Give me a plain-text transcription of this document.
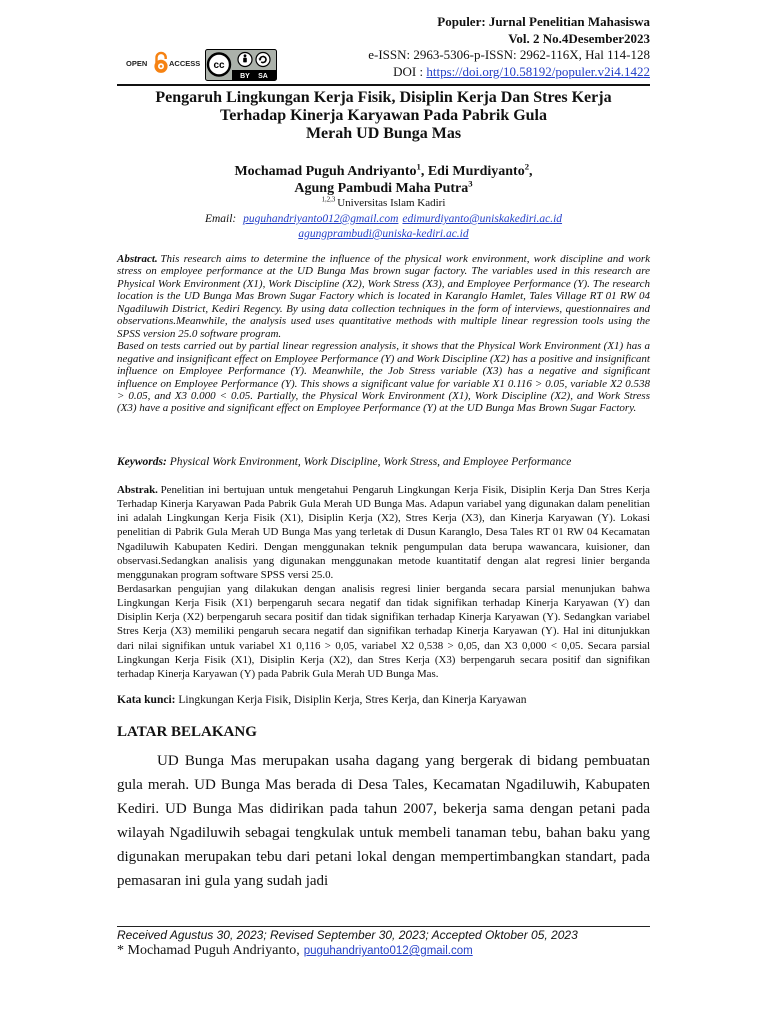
Populer: Jurnal Penelitian Mahasiswa
Vol. 2 No.4Desember2023
e-ISSN: 2963-5306-p-ISSN: 2962-116X, Hal 114-128
DOI : https://doi.org/10.58192/populer.v2i4.1422
OPEN	ACCESS cc
BY SA
Pengaruh Lingkungan Kerja Fisik, Disiplin Kerja Dan Stres Kerja
Terhadap Kinerja Karyawan Pada Pabrik Gula
Merah UD Bunga Mas
Mochamad Puguh Andriyanto$^1$, Edi Murdiyanto$^2$,
Agung Pambudi Maha Putra$^3$
$^{1,2,3}$ Universitas Islam Kadiri
Email: puguhandriyanto012@gmail.com edimurdiyanto@uniskakediri.ac.id
agungprambudi@uniska-kediri.ac.id

Abstract. This research aims to determine the influence of the physical work environment, work discipline and work stress on employee performance at the UD Bunga Mas brown sugar factory. The variables used in this research are Physical Work Environment (X1), Work Discipline (X2), Work Stress (X3), and Employee Performance (Y). The research location is the UD Bunga Mas Brown Sugar Factory which is located in Karanglo Hamlet, Tales Village RT 01 RW 04 Ngadiluwih District, Kediri Regency. By using data collection techniques in the form of interviews, questionnaires and observations.Meanwhile, the analysis used uses quantitative methods with multiple linear regression tools using the SPSS version 25.0 software program.

Based on tests carried out by partial linear regression analysis, it shows that the Physical Work Environment (X1) has a negative and insignificant effect on Employee Performance (Y) and Work Discipline (X2) has a positive and insignificant influence on Employee Performance (Y). Meanwhile, the Job Stress variable (X3) has a negative and significant influence on Employee Performance (Y). This shows a significant value for variable X1 0.116 > 0.05, variable X2 0.538 > 0.05, and X3 0.000 < 0.05. Partially, the Physical Work Environment (X1), Work Discipline (X2), and Work Stress (X3) have a positive and significant effect on Employee Performance (Y) at the UD Bunga Mas Brown Sugar Factory.

Keywords: Physical Work Environment, Work Discipline, Work Stress, and Employee Performance

Abstrak. Penelitian ini bertujuan untuk mengetahui Pengaruh Lingkungan Kerja Fisik, Disiplin Kerja Dan Stres Kerja Terhadap Kinerja Karyawan Pada Pabrik Gula Merah UD Bunga Mas. Adapun variabel yang digunakan dalam penelitian ini adalah Lingkungan Kerja Fisik (X1), Disiplin Kerja (X2), Stres Kerja (X3), dan Kinerja Karyawan (Y). Lokasi penelitian di Pabrik Gula Merah UD Bunga Mas yang terletak di Dusun Karanglo, Desa Tales RT 01 RW 04 Kecamatan Ngadiluwih Kabupaten Kediri. Dengan menggunakan teknik pengumpulan data berupa wawancara, kuisioner, dan observasi.Sedangkan analisis yang digunakan menggunakan metode kuantitatif dengan alat regresi linier berganda menggunakan program software SPSS versi 25.0.

Berdasarkan pengujian yang dilakukan dengan analisis regresi linier berganda secara parsial menunjukan bahwa Lingkungan Kerja Fisik (X1) berpengaruh secara negatif dan tidak signifikan terhadap Kinerja Karyawan (Y) dan Disiplin Kerja (X2) berpengaruh secara positif dan tidak signifikan terhadap Kinerja Karyawan (Y). Sedangkan variabel Stres Kerja (X3) memiliki pengaruh secara negatif dan signifikan terhadap Kinerja Karyawan (Y). Hal ini ditunjukkan dari nilai signifikan untuk variabel X1 0,116 > 0,05, variabel X2 0,538 > 0,05, dan X3 0,000 < 0,05. Secara parsial Lingkungan Kerja Fisik (X1), Disiplin Kerja (X2), dan Stres Kerja (X3) berpengaruh secara positif dan signifikan terhadap Kinerja Karyawan (Y) pada Pabrik Gula Merah UD Bunga Mas.

Kata kunci: Lingkungan Kerja Fisik, Disiplin Kerja, Stres Kerja, dan Kinerja Karyawan
LATAR BELAKANG

UD Bunga Mas merupakan usaha dagang yang bergerak di bidang pembuatan gula merah. UD Bunga Mas berada di Desa Tales, Kecamatan Ngadiluwih, Kabupaten Kediri. UD Bunga Mas didirikan pada tahun 2007, bekerja sama dengan petani pada wilayah Ngadiluwih sebagai tengkulak untuk membeli tanaman tebu, bahan baku yang digunakan merupakan tebu dari petani lokal dengan mempertimbangkan standart, pada pemasaran ini gula yang sudah jadi

Received Agustus 30, 2023; Revised September 30, 2023; Accepted Oktober 05, 2023
* Mochamad Puguh Andriyanto, puguhandriyanto012@gmail.com
